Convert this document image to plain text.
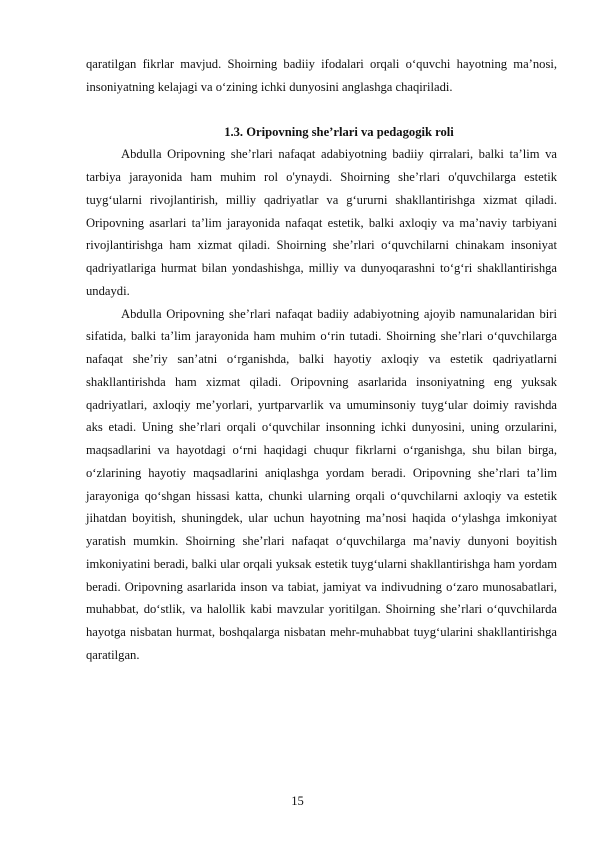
qaratilgan fikrlar mavjud. Shoirning badiiy ifodalari orqali o‘quvchi hayotning ma’nosi, insoniyatning kelajagi va o‘zining ichki dunyosini anglashga chaqiriladi.

1.3. Oripovning she’rlari va pedagogik roli

Abdulla Oripovning she’rlari nafaqat adabiyotning badiiy qirralari, balki ta’lim va tarbiya jarayonida ham muhim rol o'ynaydi. Shoirning she’rlari o'quvchilarga estetik tuyg‘ularni rivojlantirish, milliy qadriyatlar va g‘ururni shakllantirishga xizmat qiladi. Oripovning asarlari ta’lim jarayonida nafaqat estetik, balki axloqiy va ma’naviy tarbiyani rivojlantirishga ham xizmat qiladi. Shoirning she’rlari o‘quvchilarni chinakam insoniyat qadriyatlariga hurmat bilan yondashishga, milliy va dunyoqarashni to‘g‘ri shakllantirishga undaydi.

Abdulla Oripovning she’rlari nafaqat badiiy adabiyotning ajoyib namunalaridan biri sifatida, balki ta’lim jarayonida ham muhim o‘rin tutadi. Shoirning she’rlari o‘quvchilarga nafaqat she’riy san’atni o‘rganishda, balki hayotiy axloqiy va estetik qadriyatlarni shakllantirishda ham xizmat qiladi. Oripovning asarlarida insoniyatning eng yuksak qadriyatlari, axloqiy me’yorlari, yurtparvarlik va umuminsoniy tuyg‘ular doimiy ravishda aks etadi. Uning she’rlari orqali o‘quvchilar insonning ichki dunyosini, uning orzularini, maqsadlarini va hayotdagi o‘rni haqidagi chuqur fikrlarni o‘rganishga, shu bilan birga, o‘zlarining hayotiy maqsadlarini aniqlashga yordam beradi. Oripovning she’rlari ta’lim jarayoniga qo‘shgan hissasi katta, chunki ularning orqali o‘quvchilarni axloqiy va estetik jihatdan boyitish, shuningdek, ular uchun hayotning ma’nosi haqida o‘ylashga imkoniyat yaratish mumkin. Shoirning she’rlari nafaqat o‘quvchilarga ma’naviy dunyoni boyitish imkoniyatini beradi, balki ular orqali yuksak estetik tuyg‘ularni shakllantirishga ham yordam beradi. Oripovning asarlarida inson va tabiat, jamiyat va indivudning o‘zaro munosabatlari, muhabbat, do‘stlik, va halollik kabi mavzular yoritilgan. Shoirning she’rlari o‘quvchilarda hayotga nisbatan hurmat, boshqalarga nisbatan mehr-muhabbat tuyg‘ularini shakllantirishga qaratilgan.

15
